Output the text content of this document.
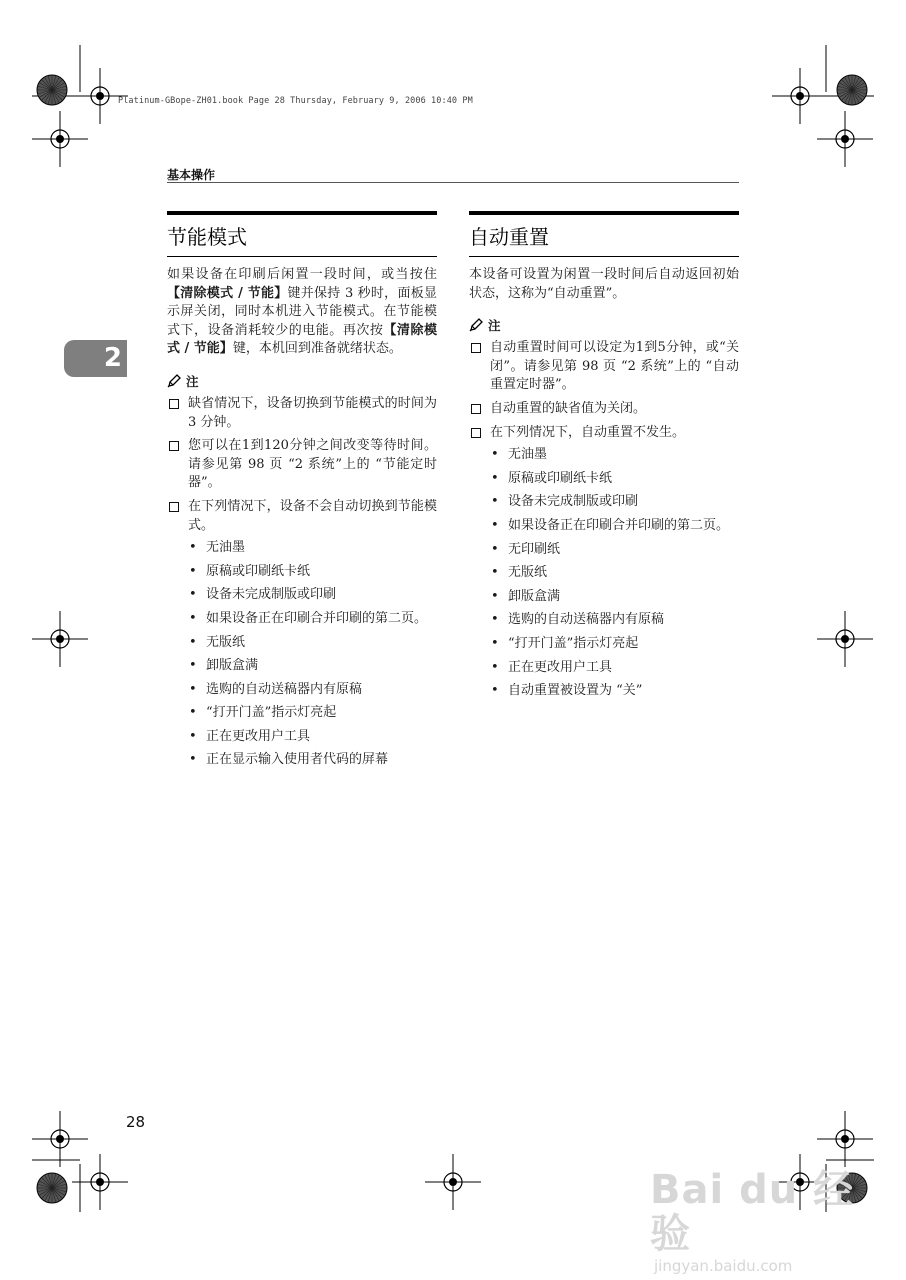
Platinum-GBope-ZH01.book Page 28 Thursday, February 9, 2006 10:40 PM
基本操作
2
节能模式
如果设备在印刷后闲置一段时间，或当按住【清除模式 / 节能】键并保持 3 秒时，面板显示屏关闭，同时本机进入节能模式。在节能模式下，设备消耗较少的电能。再次按【清除模式 / 节能】键，本机回到准备就绪状态。
注
缺省情况下，设备切换到节能模式的时间为 3 分钟。
您可以在1到120分钟之间改变等待时间。请参见第 98 页 “2 系统”上的 “节能定时器”。
在下列情况下，设备不会自动切换到节能模式。
• 无油墨
• 原稿或印刷纸卡纸
• 设备未完成制版或印刷
• 如果设备正在印刷合并印刷的第二页。
• 无版纸
• 卸版盒满
• 选购的自动送稿器内有原稿
• “打开门盖”指示灯亮起
• 正在更改用户工具
• 正在显示输入使用者代码的屏幕
自动重置
本设备可设置为闲置一段时间后自动返回初始状态，这称为“自动重置”。
注
自动重置时间可以设定为1到5分钟，或“关闭”。请参见第 98 页 “2 系统”上的 “自动重置定时器”。
自动重置的缺省值为关闭。
在下列情况下，自动重置不发生。
• 无油墨
• 原稿或印刷纸卡纸
• 设备未完成制版或印刷
• 如果设备正在印刷合并印刷的第二页。
• 无印刷纸
• 无版纸
• 卸版盒满
• 选购的自动送稿器内有原稿
• “打开门盖”指示灯亮起
• 正在更改用户工具
• 自动重置被设置为 “关”
28
Bai du 经验
jingyan.baidu.com
